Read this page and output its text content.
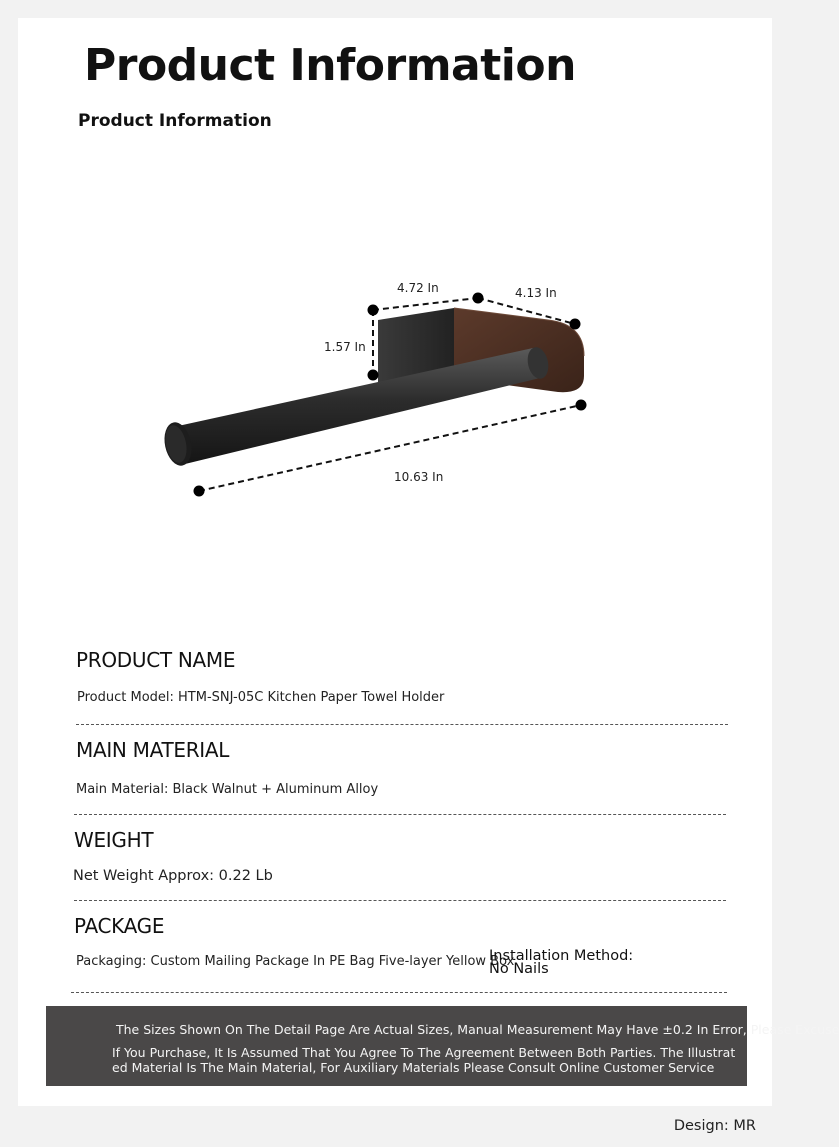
Product Information
Product Information
4.72 In	4.13 In
1.57 In
10.63 In
PRODUCT NAME
Product Model: HTM-SNJ-05C Kitchen Paper Towel Holder
MAIN MATERIAL
Main Material: Black Walnut + Aluminum Alloy
WEIGHT
Net Weight Approx: 0.22 Lb
PACKAGE
Packaging: Custom Mailing Package In PE Bag Five-layer Yellow Box
Installation Method:
No Nails
The Sizes Shown On The Detail Page Are Actual Sizes, Manual Measurement May Have ±0.2 In Error, Please Excuse
If You Purchase, It Is Assumed That You Agree To The Agreement Between Both Parties. The Illustrat
ed Material Is The Main Material, For Auxiliary Materials Please Consult Online Customer Service
Design: MR
